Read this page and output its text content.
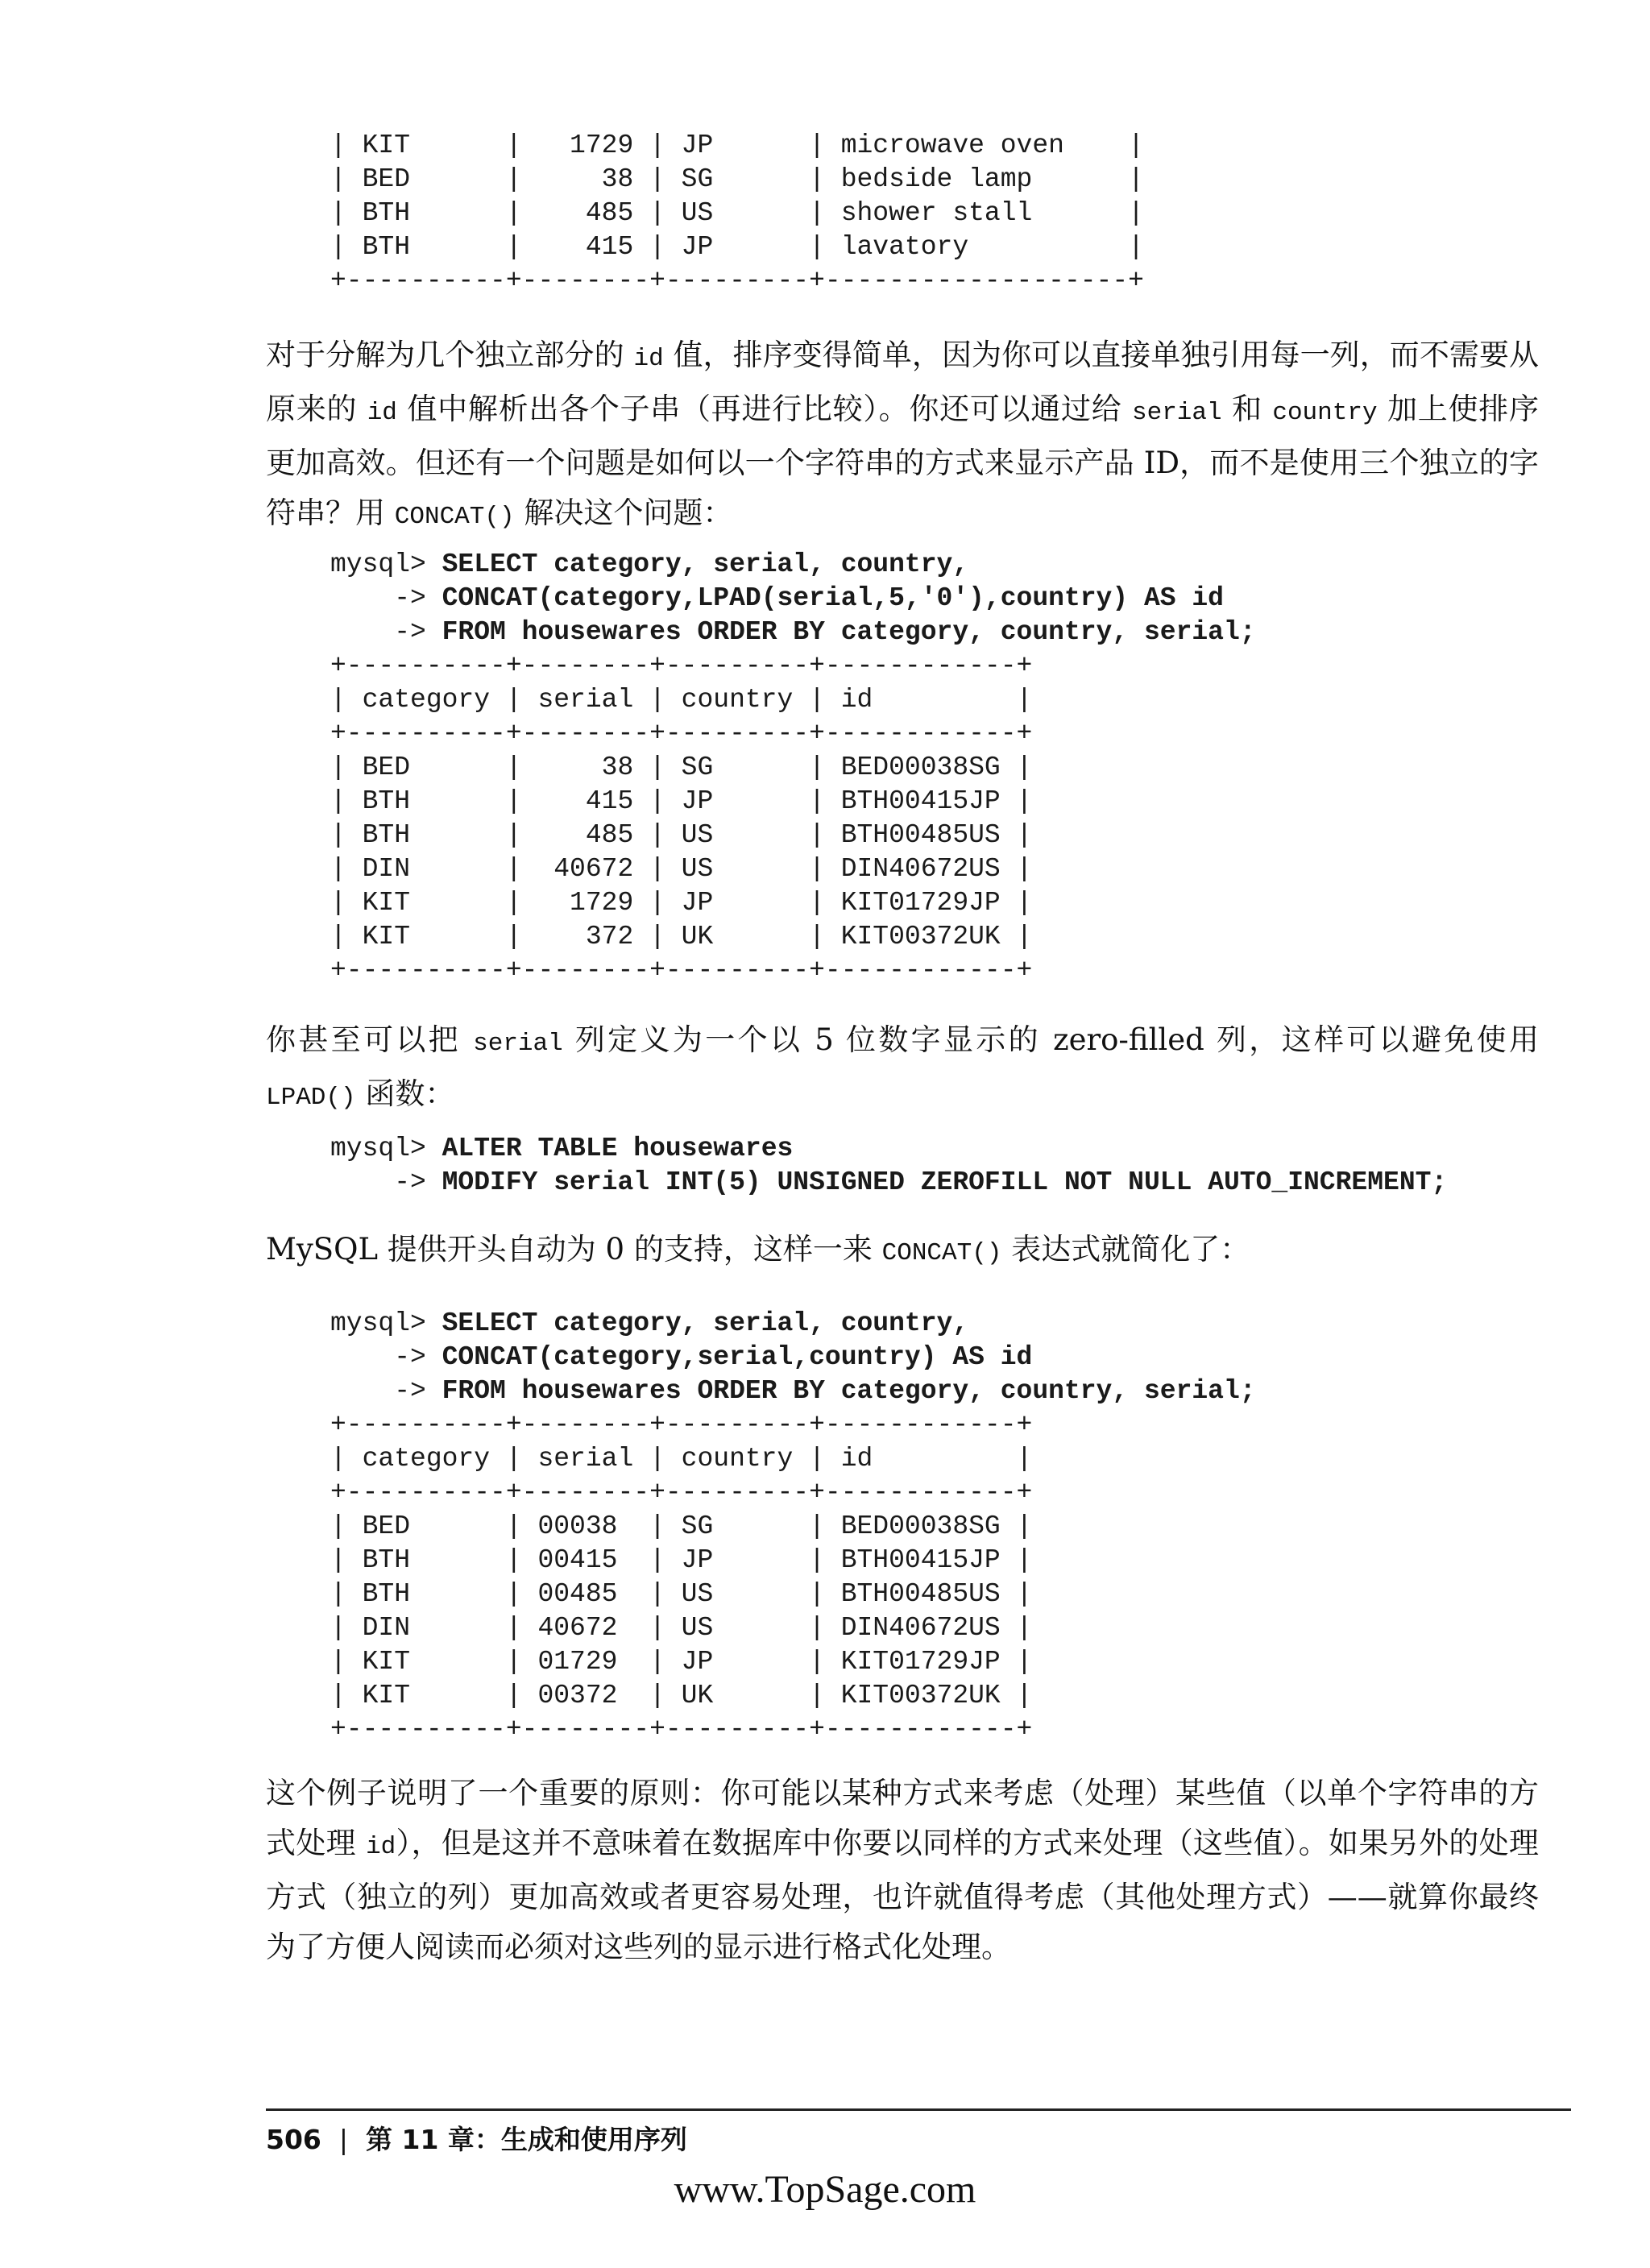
| KIT      |   1729 | JP      | microwave oven    |
| BED      |     38 | SG      | bedside lamp      |
| BTH      |    485 | US      | shower stall      |
| BTH      |    415 | JP      | lavatory          |
+----------+--------+---------+-------------------+
对于分解为几个独立部分的 id 值，排序变得简单，因为你可以直接单独引用每一列，而不需要从原来的 id 值中解析出各个子串（再进行比较）。你还可以通过给 serial 和 country 加上使排序更加高效。但还有一个问题是如何以一个字符串的方式来显示产品 ID，而不是使用三个独立的字符串？用 CONCAT() 解决这个问题：
mysql> SELECT category, serial, country,
-> CONCAT(category,LPAD(serial,5,'0'),country) AS id
-> FROM housewares ORDER BY category, country, serial;
+----------+--------+---------+------------+
| category | serial | country | id         |
+----------+--------+---------+------------+
| BED      |     38 | SG      | BED00038SG |
| BTH      |    415 | JP      | BTH00415JP |
| BTH      |    485 | US      | BTH00485US |
| DIN      |  40672 | US      | DIN40672US |
| KIT      |   1729 | JP      | KIT01729JP |
| KIT      |    372 | UK      | KIT00372UK |
+----------+--------+---------+------------+
你甚至可以把 serial 列定义为一个以 5 位数字显示的 zero-filled 列，这样可以避免使用 LPAD() 函数：
mysql> ALTER TABLE housewares
-> MODIFY serial INT(5) UNSIGNED ZEROFILL NOT NULL AUTO_INCREMENT;
MySQL 提供开头自动为 0 的支持，这样一来 CONCAT() 表达式就简化了：
mysql> SELECT category, serial, country,
-> CONCAT(category,serial,country) AS id
-> FROM housewares ORDER BY category, country, serial;
+----------+--------+---------+------------+
| category | serial | country | id         |
+----------+--------+---------+------------+
| BED      | 00038  | SG      | BED00038SG |
| BTH      | 00415  | JP      | BTH00415JP |
| BTH      | 00485  | US      | BTH00485US |
| DIN      | 40672  | US      | DIN40672US |
| KIT      | 01729  | JP      | KIT01729JP |
| KIT      | 00372  | UK      | KIT00372UK |
+----------+--------+---------+------------+
这个例子说明了一个重要的原则：你可能以某种方式来考虑（处理）某些值（以单个字符串的方式处理 id），但是这并不意味着在数据库中你要以同样的方式来处理（这些值）。如果另外的处理方式（独立的列）更加高效或者更容易处理，也许就值得考虑（其他处理方式）——就算你最终为了方便人阅读而必须对这些列的显示进行格式化处理。
506 | 第 11 章：生成和使用序列
www.TopSage.com
